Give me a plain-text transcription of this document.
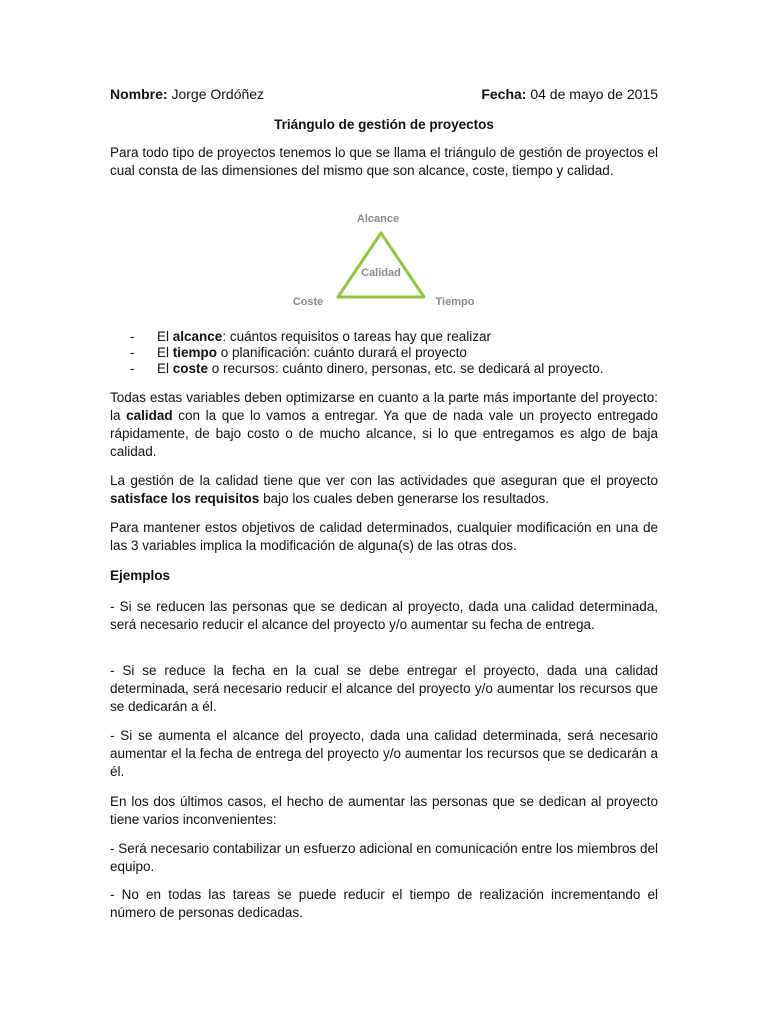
Nombre: Jorge Ordóñez	Fecha: 04 de mayo de 2015
Triángulo de gestión de proyectos

Para todo tipo de proyectos tenemos lo que se llama el triángulo de gestión de proyectos el cual consta de las dimensiones del mismo que son alcance, coste, tiempo y calidad.

Alcance
Calidad
Coste	Tiempo
- El alcance: cuántos requisitos o tareas hay que realizar
- El tiempo o planificación: cuánto durará el proyecto
- El coste o recursos: cuánto dinero, personas, etc. se dedicará al proyecto.

Todas estas variables deben optimizarse en cuanto a la parte más importante del proyecto: la calidad con la que lo vamos a entregar. Ya que de nada vale un proyecto entregado rápidamente, de bajo costo o de mucho alcance, si lo que entregamos es algo de baja calidad.

La gestión de la calidad tiene que ver con las actividades que aseguran que el proyecto satisface los requisitos bajo los cuales deben generarse los resultados.

Para mantener estos objetivos de calidad determinados, cualquier modificación en una de las 3 variables implica la modificación de alguna(s) de las otras dos.

Ejemplos

- Si se reducen las personas que se dedican al proyecto, dada una calidad determinada, será necesario reducir el alcance del proyecto y/o aumentar su fecha de entrega.

- Si se reduce la fecha en la cual se debe entregar el proyecto, dada una calidad determinada, será necesario reducir el alcance del proyecto y/o aumentar los recursos que se dedicarán a él.

- Si se aumenta el alcance del proyecto, dada una calidad determinada, será necesario aumentar el la fecha de entrega del proyecto y/o aumentar los recursos que se dedicarán a él.

En los dos últimos casos, el hecho de aumentar las personas que se dedican al proyecto tiene varios inconvenientes:

- Será necesario contabilizar un esfuerzo adicional en comunicación entre los miembros del equipo.

- No en todas las tareas se puede reducir el tiempo de realización incrementando el número de personas dedicadas.
